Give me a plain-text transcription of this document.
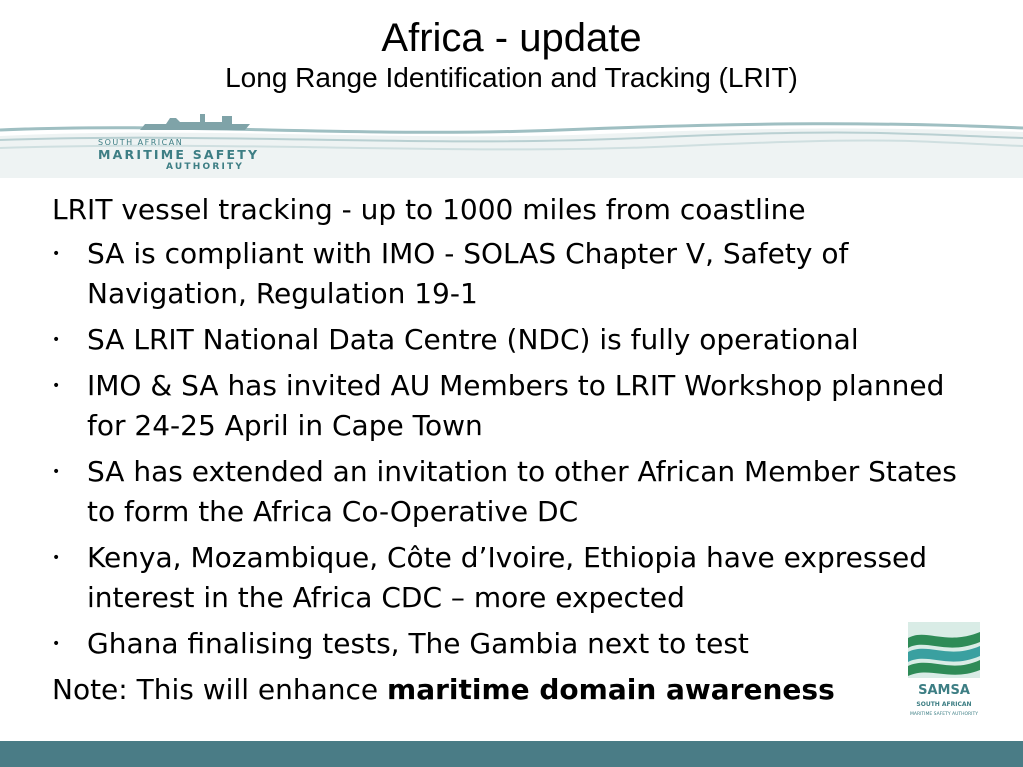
Africa - update
Long Range Identification and Tracking (LRIT)
SOUTH AFRICAN
MARITIME SAFETY
AUTHORITY

LRIT vessel tracking - up to 1000 miles from coastline

• SA is compliant with IMO - SOLAS Chapter V, Safety of Navigation, Regulation 19-1
• SA LRIT National Data Centre (NDC) is fully operational
• IMO & SA has invited AU Members to LRIT Workshop planned for 24-25 April in Cape Town
• SA has extended an invitation to other African Member States to form the Africa Co-Operative DC
• Kenya, Mozambique, Côte d’Ivoire, Ethiopia have expressed interest in the Africa CDC – more expected
• Ghana finalising tests, The Gambia next to test

Note: This will enhance maritime domain awareness	SAMSA
SOUTH AFRICAN
MARITIME SAFETY AUTHORITY
